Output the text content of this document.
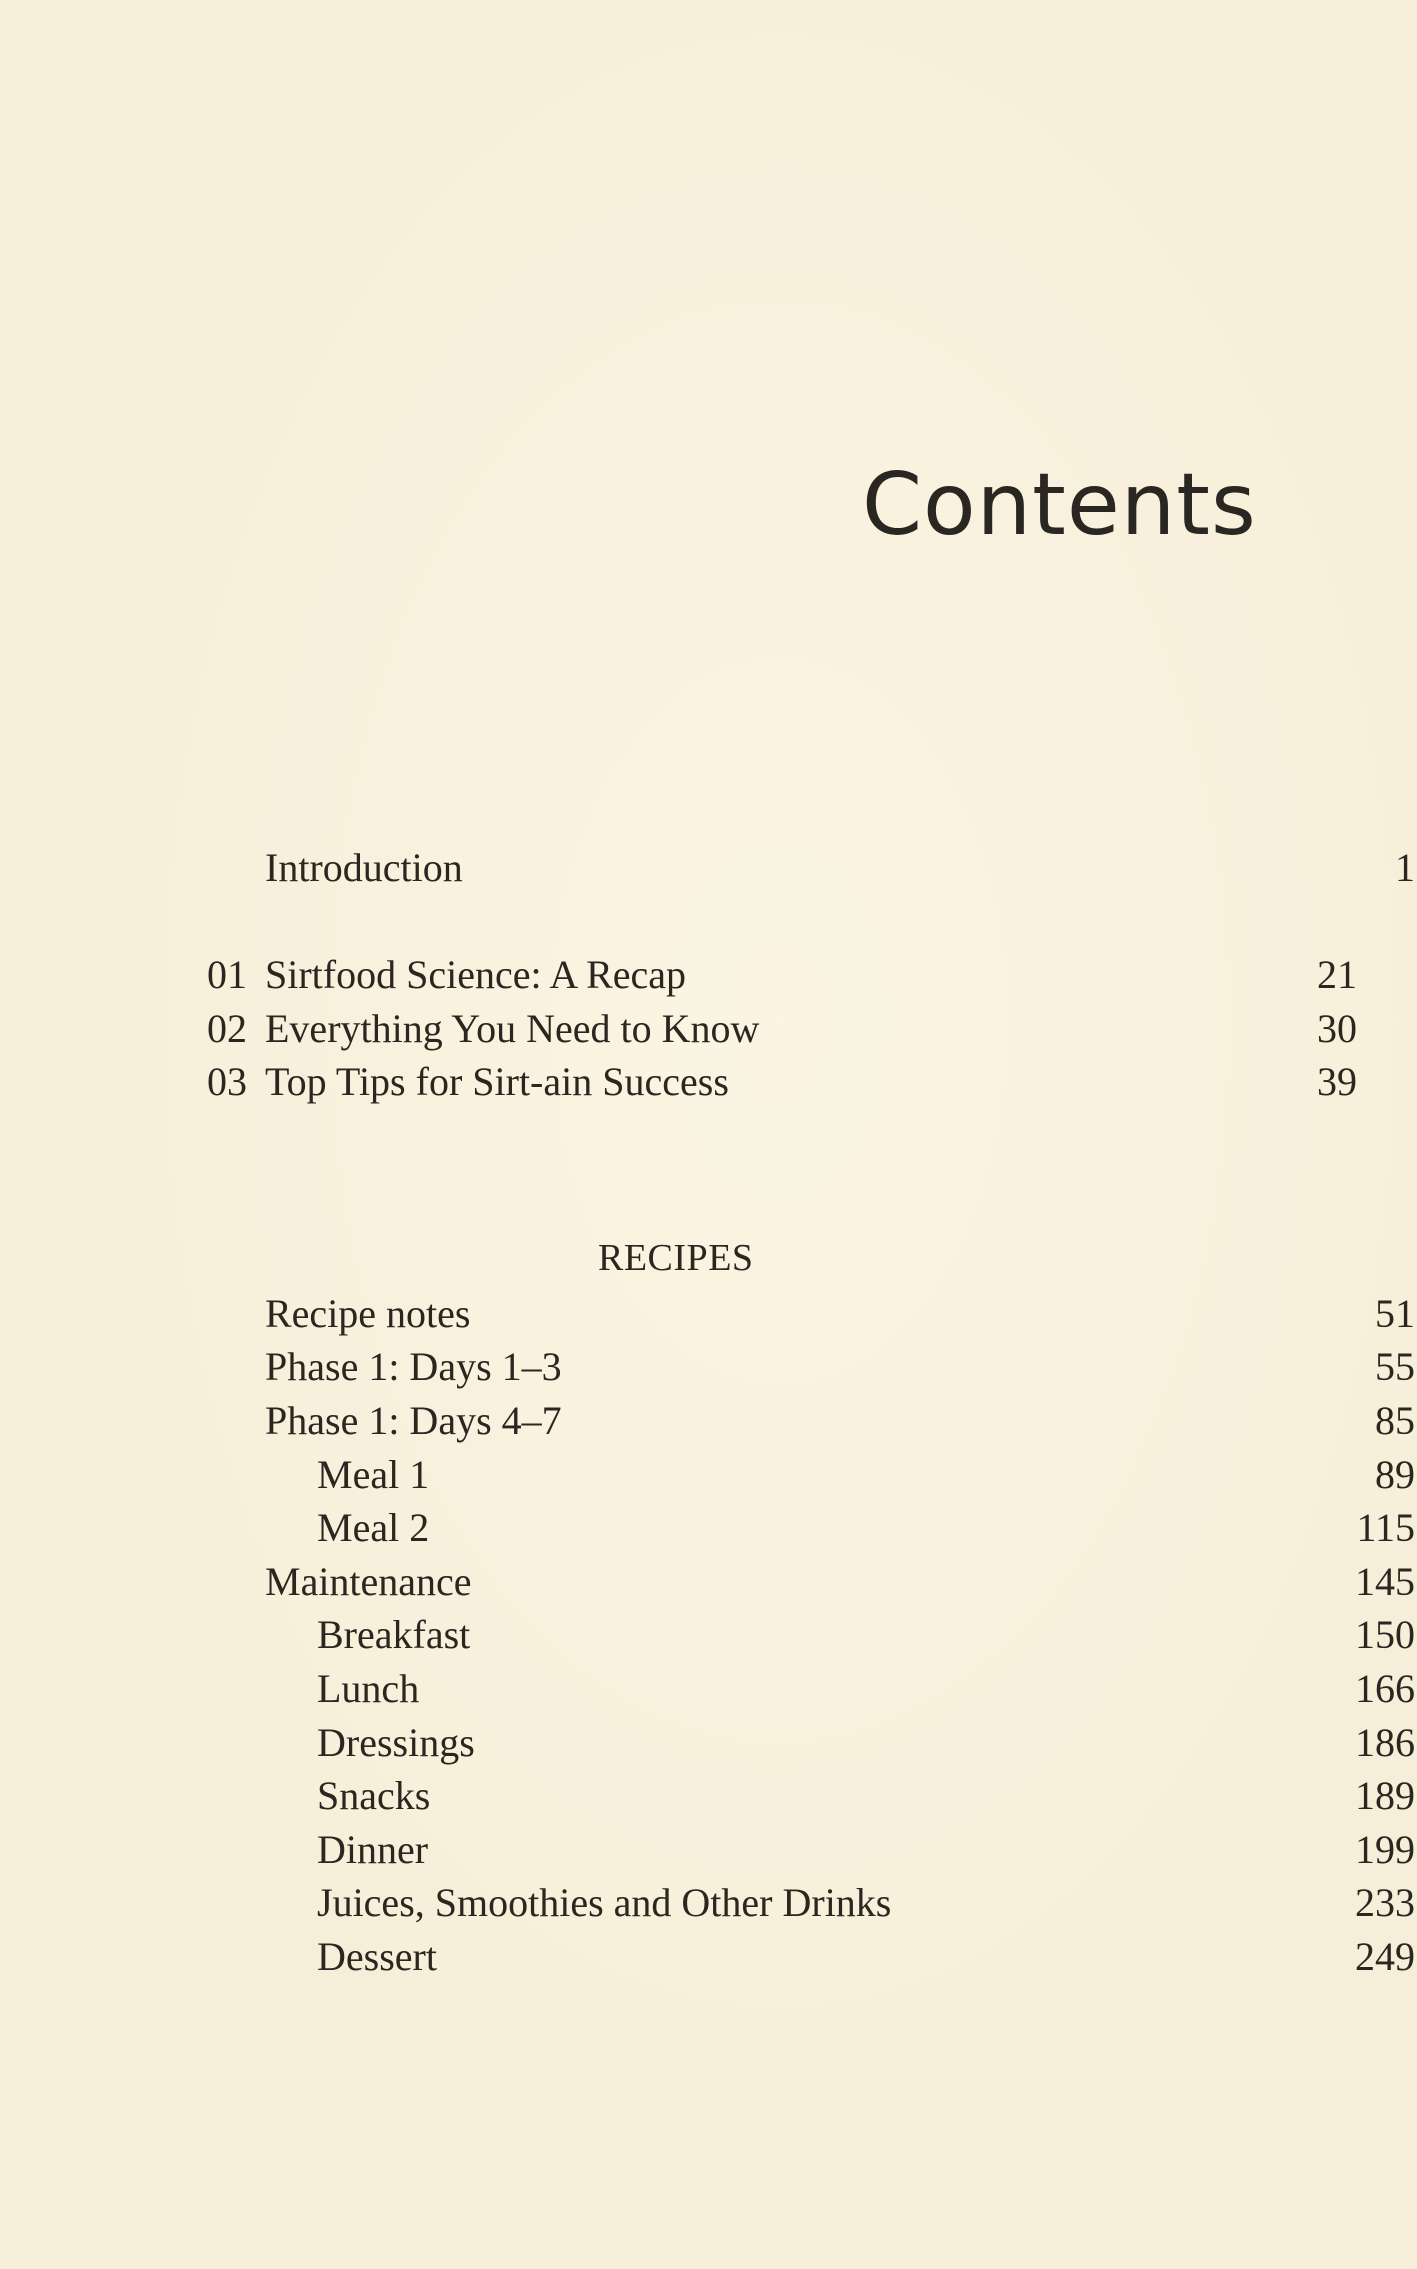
Contents
Introduction	1
01 Sirtfood Science: A Recap	21
02 Everything You Need to Know	30
03 Top Tips for Sirt-ain Success	39
RECIPES
Recipe notes	51
Phase 1: Days 1–3	55
Phase 1: Days 4–7	85
Meal 1	89
Meal 2	115
Maintenance	145
Breakfast	150
Lunch	166
Dressings	186
Snacks	189
Dinner	199
Juices, Smoothies and Other Drinks	233
Dessert	249
